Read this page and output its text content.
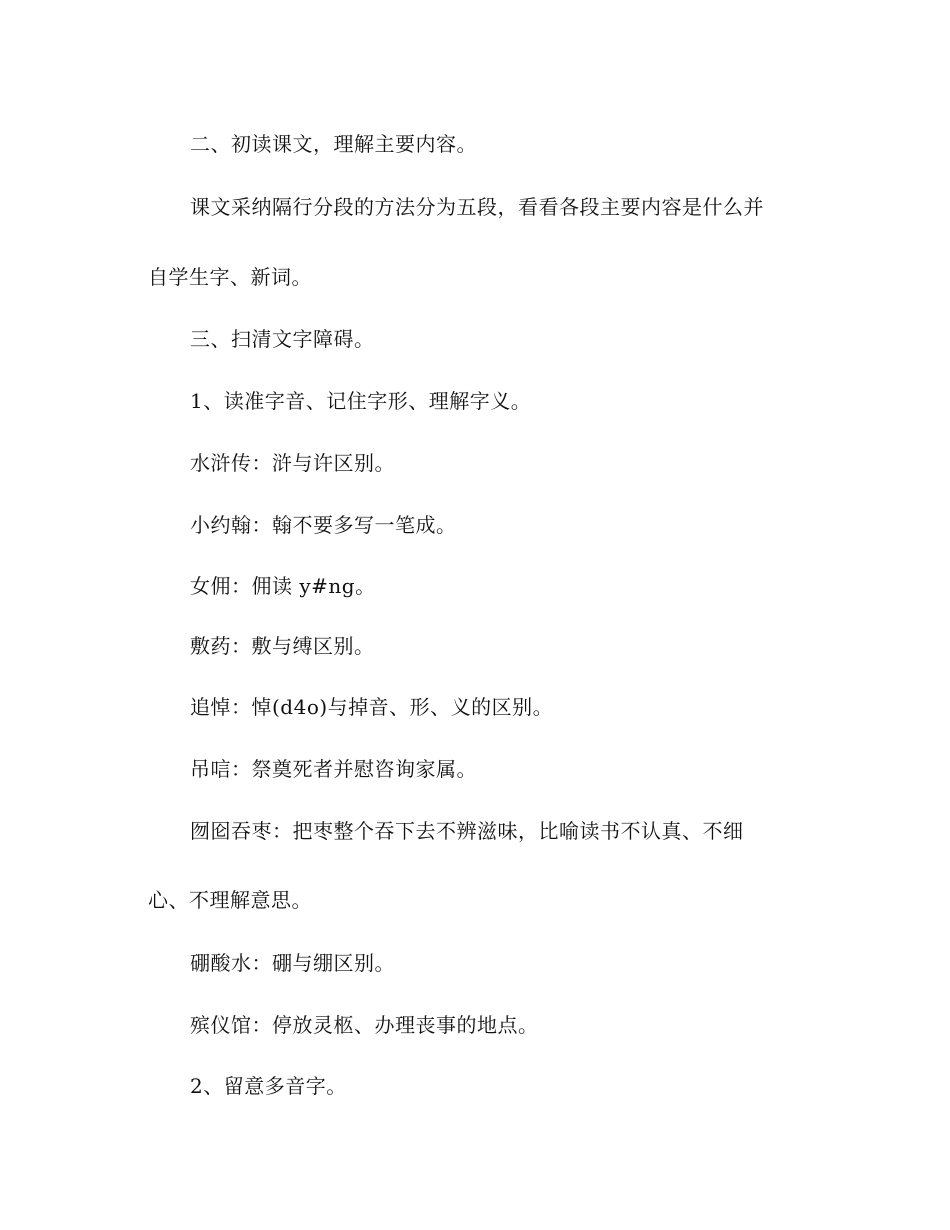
二、初读课文，理解主要内容。
课文采纳隔行分段的方法分为五段，看看各段主要内容是什么并
自学生字、新词。
三、扫清文字障碍。
1、读准字音、记住字形、理解字义。
水浒传：浒与许区别。
小约翰：翰不要多写一笔成。
女佣：佣读 y#ng。
敷药：敷与缚区别。
追悼：悼(d4o)与掉音、形、义的区别。
吊唁：祭奠死者并慰咨询家属。
囫囵吞枣：把枣整个吞下去不辨滋味，比喻读书不认真、不细
心、不理解意思。
硼酸水：硼与绷区别。
殡仪馆：停放灵柩、办理丧事的地点。
2、留意多音字。
